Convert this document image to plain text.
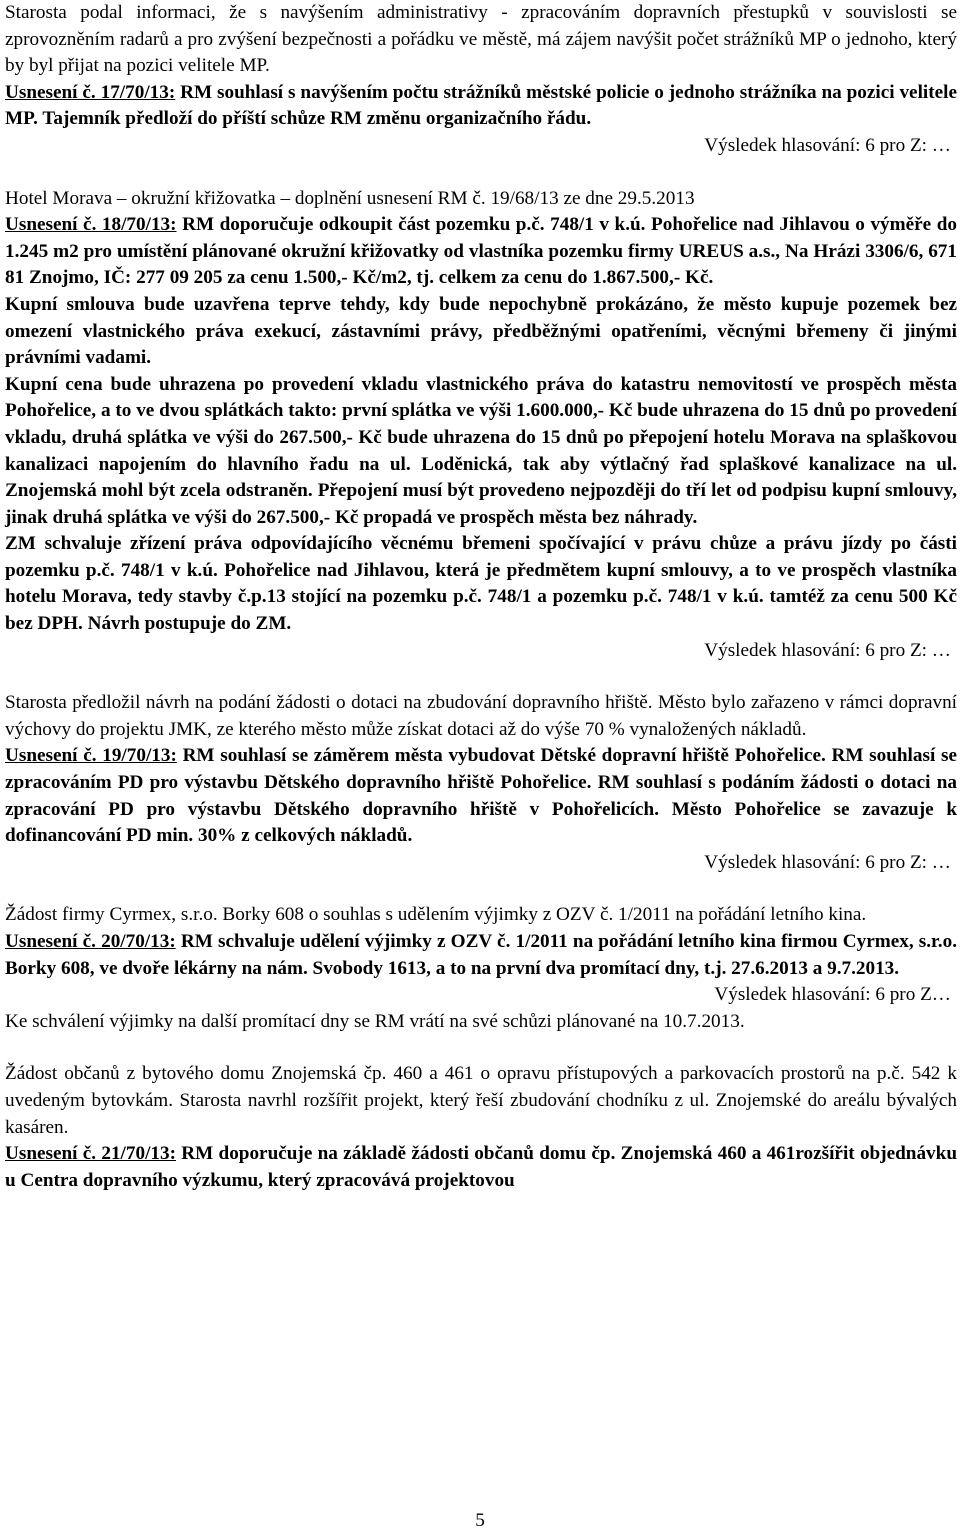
Starosta podal informaci, že s navýšením administrativy - zpracováním dopravních přestupků v souvislosti se zprovozněním radarů a pro zvýšení bezpečnosti a pořádku ve městě, má zájem navýšit počet strážníků MP o jednoho, který by byl přijat na pozici velitele MP.

Usnesení č. 17/70/13: RM souhlasí s navýšením počtu strážníků městské policie o jednoho strážníka na pozici velitele MP. Tajemník předloží do příští schůze RM změnu organizačního řádu.

Výsledek hlasování: 6 pro Z: …

Hotel Morava – okružní křižovatka – doplnění usnesení RM č. 19/68/13 ze dne 29.5.2013

Usnesení č. 18/70/13: RM doporučuje odkoupit část pozemku p.č. 748/1 v k.ú. Pohořelice nad Jihlavou o výměře do 1.245 m2 pro umístění plánované okružní křižovatky od vlastníka pozemku firmy UREUS a.s., Na Hrázi 3306/6, 671 81 Znojmo, IČ: 277 09 205 za cenu 1.500,- Kč/m2, tj. celkem za cenu do 1.867.500,- Kč.

Kupní smlouva bude uzavřena teprve tehdy, kdy bude nepochybně prokázáno, že město kupuje pozemek bez omezení vlastnického práva exekucí, zástavními právy, předběžnými opatřeními, věcnými břemeny či jinými právními vadami.

Kupní cena bude uhrazena po provedení vkladu vlastnického práva do katastru nemovitostí ve prospěch města Pohořelice, a to ve dvou splátkách takto: první splátka ve výši 1.600.000,- Kč bude uhrazena do 15 dnů po provedení vkladu, druhá splátka ve výši do 267.500,- Kč bude uhrazena do 15 dnů po přepojení hotelu Morava na splaškovou kanalizaci napojením do hlavního řadu na ul. Loděnická, tak aby výtlačný řad splaškové kanalizace na ul. Znojemská mohl být zcela odstraněn. Přepojení musí být provedeno nejpozději do tří let od podpisu kupní smlouvy, jinak druhá splátka ve výši do 267.500,- Kč propadá ve prospěch města bez náhrady.

ZM schvaluje zřízení práva odpovídajícího věcnému břemeni spočívající v právu chůze a právu jízdy po části pozemku p.č. 748/1 v k.ú. Pohořelice nad Jihlavou, která je předmětem kupní smlouvy, a to ve prospěch vlastníka hotelu Morava, tedy stavby č.p.13 stojící na pozemku p.č. 748/1 a pozemku p.č. 748/1 v k.ú. tamtéž za cenu 500 Kč bez DPH. Návrh postupuje do ZM.

Výsledek hlasování: 6 pro Z: …

Starosta předložil návrh na podání žádosti o dotaci na zbudování dopravního hřiště. Město bylo zařazeno v rámci dopravní výchovy do projektu JMK, ze kterého město může získat dotaci až do výše 70 % vynaložených nákladů.

Usnesení č. 19/70/13: RM souhlasí se záměrem města vybudovat Dětské dopravní hřiště Pohořelice. RM souhlasí se zpracováním PD pro výstavbu Dětského dopravního hřiště Pohořelice. RM souhlasí s podáním žádosti o dotaci na zpracování PD pro výstavbu Dětského dopravního hřiště v Pohořelicích. Město Pohořelice se zavazuje k dofinancování PD min. 30% z celkových nákladů.

Výsledek hlasování: 6 pro Z: …

Žádost firmy Cyrmex, s.r.o. Borky 608 o souhlas s udělením výjimky z OZV č. 1/2011 na pořádání letního kina.

Usnesení č. 20/70/13: RM schvaluje udělení výjimky z OZV č. 1/2011 na pořádání letního kina firmou Cyrmex, s.r.o. Borky 608, ve dvoře lékárny na nám. Svobody 1613, a to na první dva promítací dny, t.j. 27.6.2013 a 9.7.2013.

Výsledek hlasování: 6 pro Z…

Ke schválení výjimky na další promítací dny se RM vrátí na své schůzi plánované na 10.7.2013.

Žádost občanů z bytového domu Znojemská čp. 460 a 461 o opravu přístupových a parkovacích prostorů na p.č. 542 k uvedeným bytovkám. Starosta navrhl rozšířit projekt, který řeší zbudování chodníku z ul. Znojemské do areálu bývalých kasáren.

Usnesení č. 21/70/13: RM doporučuje na základě žádosti občanů domu čp. Znojemská 460 a 461rozšířit objednávku u Centra dopravního výzkumu, který zpracovává projektovou

5
